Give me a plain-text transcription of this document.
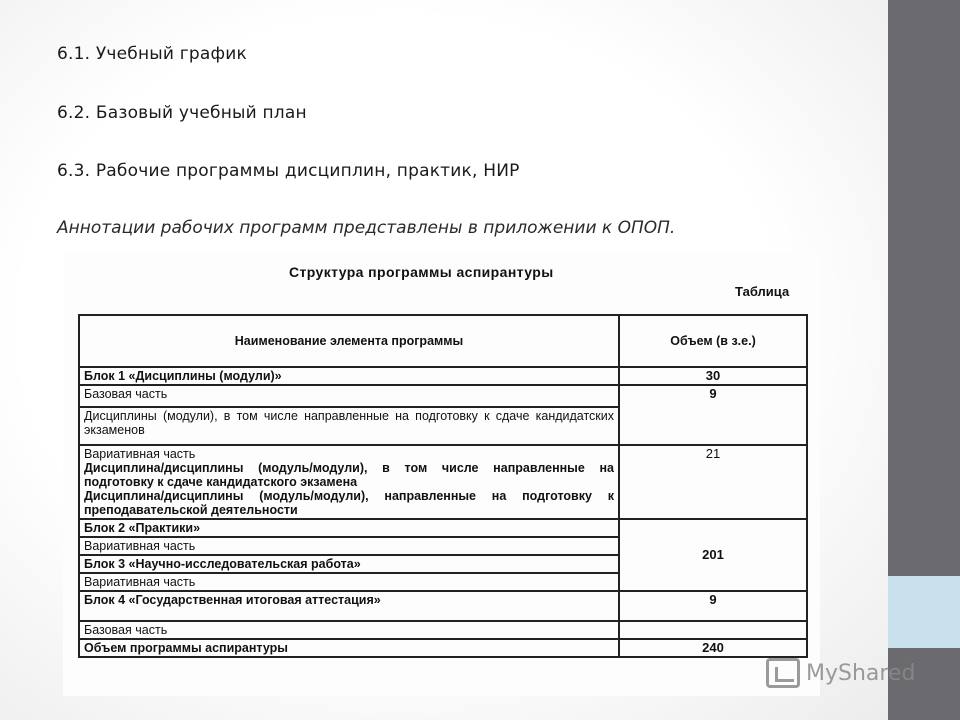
6.1. Учебный график
6.2. Базовый учебный план
6.3. Рабочие программы дисциплин, практик, НИР
Аннотации рабочих программ представлены в приложении к ОПОП.
Структура программы аспирантуры
Таблица
Наименование элемента программы	Объем (в з.е.)
Блок 1 «Дисциплины (модули)»	30
Базовая часть	9
Дисциплины (модули), в том числе направленные на подготовку к сдаче кандидатских экзаменов	

Вариативная часть
Дисциплина/дисциплины (модуль/модули), в том числе направленные на подготовку к сдаче кандидатского экзамена
Дисциплина/дисциплины (модуль/модули), направленные на подготовку к преподавательской деятельности	21
Блок 2 «Практики»	201
Вариативная часть	
Блок 3 «Научно-исследовательская работа»	
Вариативная часть	
Блок 4 «Государственная итоговая аттестация»	9
Базовая часть	
Объем программы аспирантуры	240
MyShared
